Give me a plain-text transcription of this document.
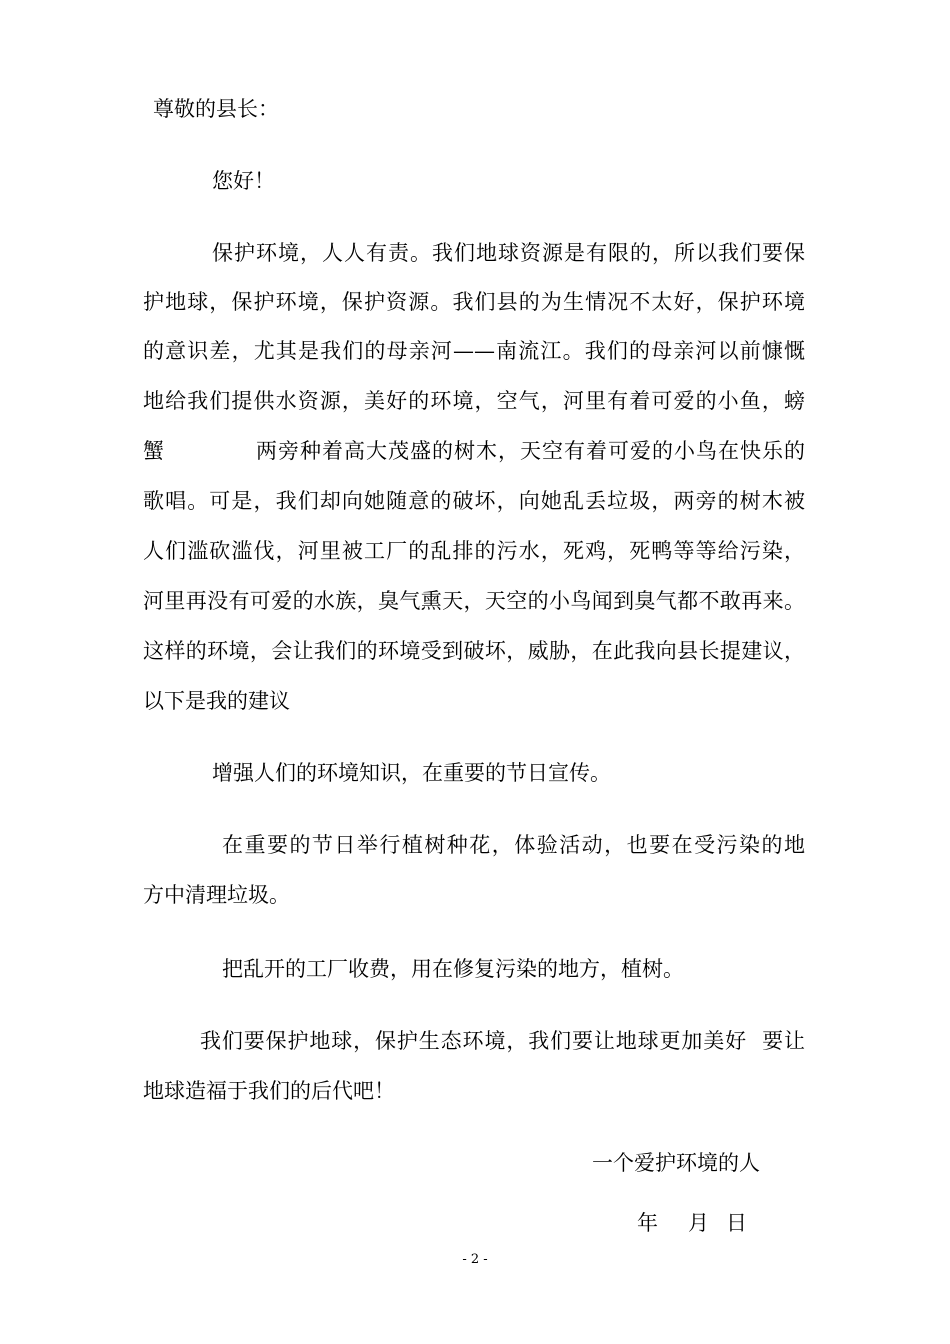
尊敬的县长：
您好！
保护环境，人人有责。我们地球资源是有限的，所以我们要保
护地球，保护环境，保护资源。我们县的为生情况不太好，保护环境
的意识差，尤其是我们的母亲河——南流江。我们的母亲河以前慷慨
地给我们提供水资源，美好的环境，空气，河里有着可爱的小鱼，螃
蟹	两旁种着高大茂盛的树木，天空有着可爱的小鸟在快乐的
歌唱。可是，我们却向她随意的破坏，向她乱丢垃圾，两旁的树木被
人们滥砍滥伐，河里被工厂的乱排的污水，死鸡，死鸭等等给污染，
河里再没有可爱的水族，臭气熏天，天空的小鸟闻到臭气都不敢再来。
这样的环境，会让我们的环境受到破坏，威胁，在此我向县长提建议，
以下是我的建议
增强人们的环境知识，在重要的节日宣传。
在重要的节日举行植树种花，体验活动，也要在受污染的地
方中清理垃圾。
把乱开的工厂收费，用在修复污染的地方，植树。
我们要保护地球，保护生态环境，我们要让地球更加美好  要让
地球造福于我们的后代吧！
一个爱护环境的人
年 月 日
- 2 -
